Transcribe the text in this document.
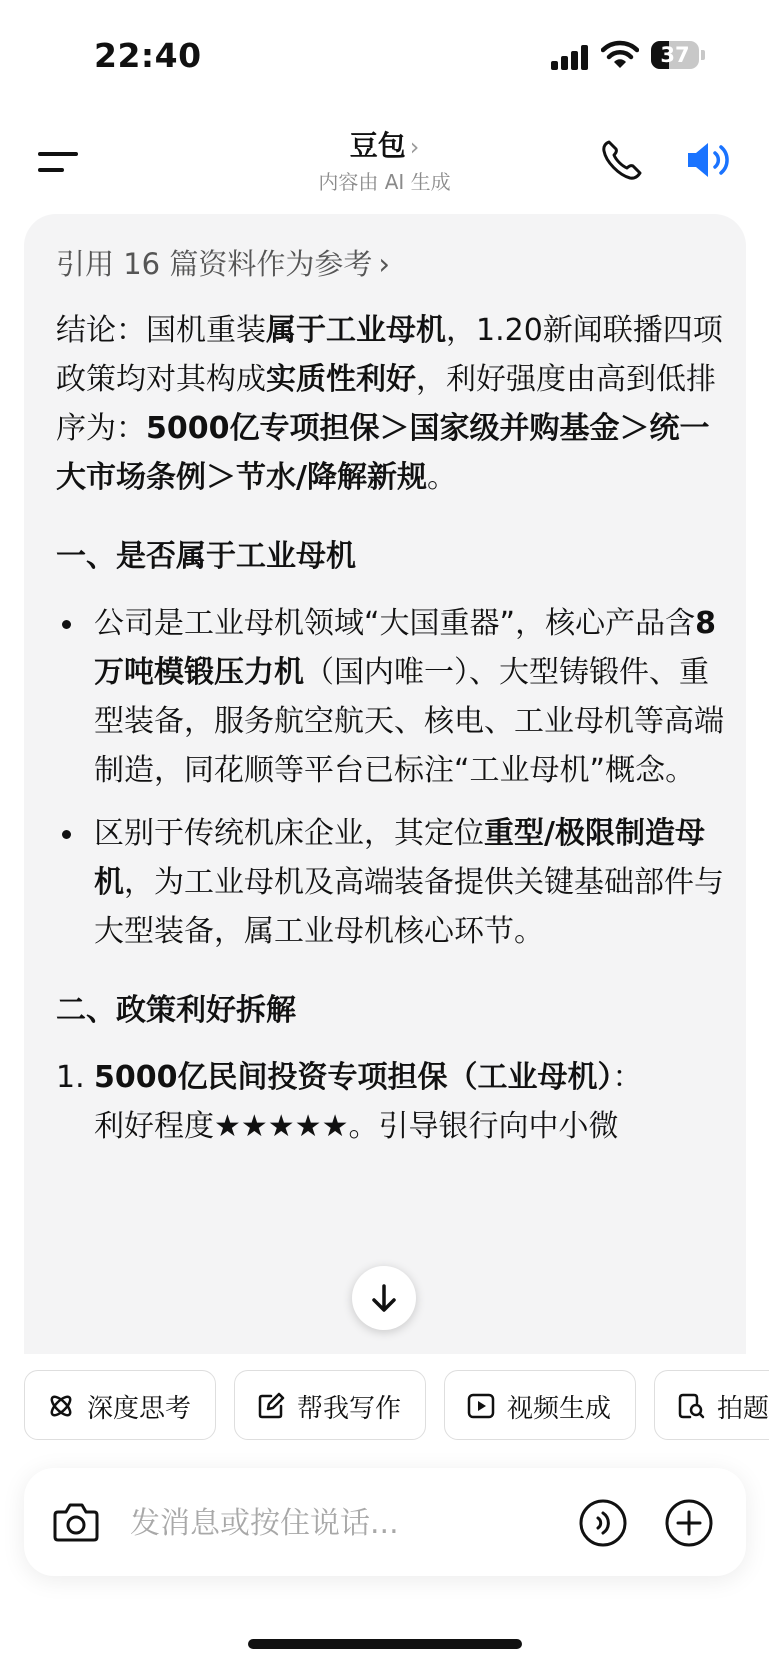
22:40	37
豆包 ›
内容由 AI 生成
引用 16 篇资料作为参考 ›

结论：国机重装属于工业母机，1.20新闻联播四项政策均对其构成实质性利好，利好强度由高到低排序为：5000亿专项担保＞国家级并购基金＞统一大市场条例＞节水/降解新规。

一、是否属于工业母机

公司是工业母机领域“大国重器”，核心产品含8万吨模锻压力机（国内唯一）、大型铸锻件、重型装备，服务航空航天、核电、工业母机等高端制造，同花顺等平台已标注“工业母机”概念。
区别于传统机床企业，其定位重型/极限制造母机，为工业母机及高端装备提供关键基础部件与大型装备，属工业母机核心环节。

二、政策利好拆解

1. 5000亿民间投资专项担保（工业母机）：
利好程度★★★★★。引导银行向中小微
深度思考	帮我写作	视频生成	拍题
发消息或按住说话...
